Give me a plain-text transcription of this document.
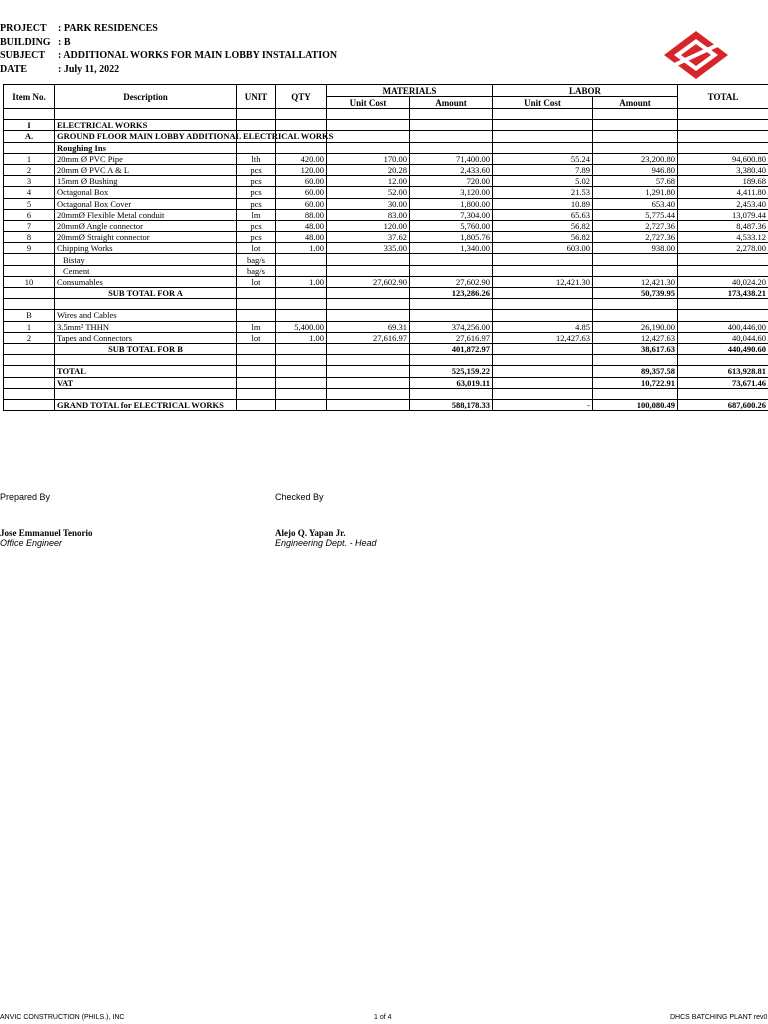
PROJECT	: PARK RESIDENCES
BUILDING : B
SUBJECT	: ADDITIONAL WORKS FOR MAIN LOBBY INSTALLATION
DATE	: July 11, 2022
Item No.	Description	UNIT	QTY	MATERIALS		LABOR		TOTAL
				Unit Cost	Amount	Unit Cost	Amount	

I	ELECTRICAL WORKS							
A.	GROUND FLOOR MAIN LOBBY ADDITIONAL ELECTRICAL WORKS							
	Roughing Ins							
1	20mm Ø PVC Pipe	lth	420.00	170.00	71,400.00	55.24	23,200.80	94,600.80
2	20mm Ø PVC A & L	pcs	120.00	20.28	2,433.60	7.89	946.80	3,380.40
3	15mm Ø Bushing	pcs	60.00	12.00	720.00	5.02	57.68	189.68
4	Octagonal Box	pcs	60.00	52.00	3,120.00	21.53	1,291.80	4,411.80
5	Octagonal Box Cover	pcs	60.00	30.00	1,800.00	10.89	653.40	2,453.40
6	20mmØ Flexible Metal conduit	lm	88.00	83.00	7,304.00	65.63	5,775.44	13,079.44
7	20mmØ Angle connector	pcs	48.00	120.00	5,760.00	56.82	2,727.36	8,487.36
8	20mmØ Straight connector	pcs	48.00	37.62	1,805.76	56.82	2,727.36	4,533.12
9	Chipping Works	lot	1.00	335.00	1,340.00	603.00	938.00	2,278.00
	Bistay	bag/s						
	Cement	bag/s						
10	Consumables	lot	1.00	27,602.90	27,602.90	12,421.30	12,421.30	40,024.20
	SUB TOTAL FOR A				123,286.26		50,739.95	173,438.21

B	Wires and Cables							
1	3.5mm² THHN	lm	5,400.00	69.31	374,256.00	4.85	26,190.00	400,446.00
2	Tapes and Connectors	lot	1.00	27,616.97	27,616.97	12,427.63	12,427.63	40,044.60
	SUB TOTAL FOR B				401,872.97		38,617.63	440,490.60

	TOTAL				525,159.22		89,357.58	613,928.81
	VAT				63,019.11		10,722.91	73,671.46

	GRAND TOTAL for ELECTRICAL WORKS				588,178.33	-	100,080.49	687,600.26
Prepared By
Jose Emmanuel Tenorio
Office Engineer
Checked By
Alejo Q. Yapan Jr.
Engineering Dept. - Head
ANVIC CONSTRUCTION (PHILS.), INC	1 of 4	DHCS BATCHING PLANT rev0
